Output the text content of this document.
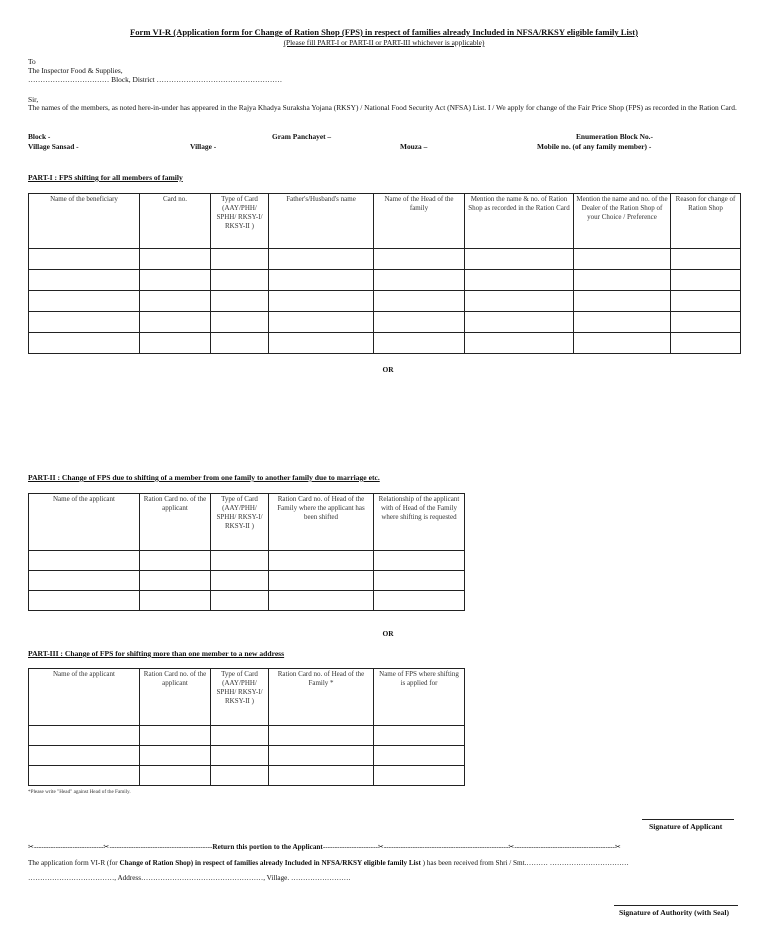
Form VI-R (Application form for Change of Ration Shop (FPS) in respect of families already Included in NFSA/RKSY eligible family List)
(Please fill PART-I or PART-II or PART-III whichever is applicable)
To
The Inspector Food & Supplies,
…………………………… Block, District ……………………………………………
Sir,
The names of the members, as noted here-in-under has appeared in the Rajya Khadya Suraksha Yojana (RKSY) / National Food Security Act (NFSA) List. I / We apply for change of the Fair Price Shop (FPS) as recorded in the Ration Card.
Block -	Gram Panchayet –	Enumeration Block No.-
Village Sansad -	Village -	Mouza –	Mobile no. (of any family member) -
PART-I : FPS shifting for all members of family
Name of the beneficiary	Card no.	Type of Card (AAY/PHH/ SPHH/ RKSY-I/ RKSY-II )	Father's/Husband's name	Name of the Head of the family	Mention the name & no. of Ration Shop as recorded in the Ration Card	Mention the name and no. of the Dealer of the Ration Shop of your Choice / Preference	Reason for change of Ration Shop

OR
PART-II : Change of FPS due to shifting of a member from one family to another family due to marriage etc.
Name of the applicant	Ration Card no. of the applicant	Type of Card (AAY/PHH/ SPHH/ RKSY-I/ RKSY-II )	Ration Card no. of Head of the Family where the applicant has been shifted	Relationship of the applicant with of Head of the Family where shifting is requested

OR
PART-III : Change of FPS for shifting more than one member to a new address
Name of the applicant	Ration Card no. of the applicant	Type of Card (AAY/PHH/ SPHH/ RKSY-I/ RKSY-II )	Ration Card no. of Head of the Family *	Name of FPS where shifting is applied for

*Please write "Head" against Head of the Family.
Signature of Applicant
✂-----------------------------✂-------------------------------------------Return this portion to the Applicant-----------------------✂----------------------------------------------------✂------------------------------------------✂
The application form VI-R (for Change of Ration Shop) in respect of families already Included in NFSA/RKSY eligible family List ) has been received from Shri / Smt.……… ……………………………
………………………………, Address……………………………………………, Village. …………………….
Signature of Authority (with Seal)
